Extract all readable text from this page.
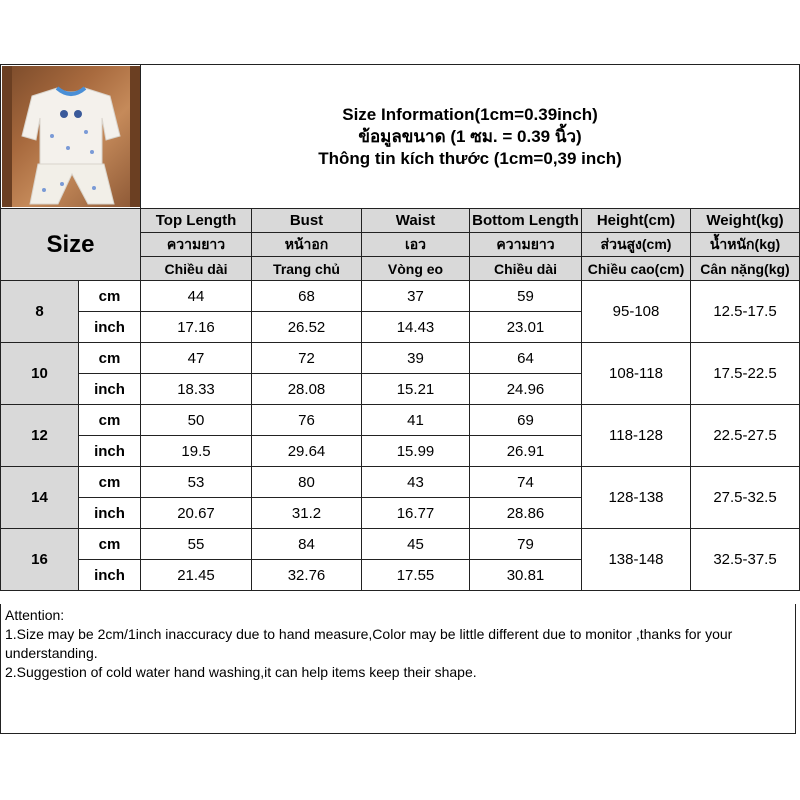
Size Information(1cm=0.39inch)
ข้อมูลขนาด (1 ซม. = 0.39 นิ้ว)
Thông tin kích thước (1cm=0,39 inch)					

Size		Top Length	Bust	Waist	Bottom Length	Height(cm)	Weight(kg)
		ความยาว	หน้าอก	เอว	ความยาว	ส่วนสูง(cm)	น้ำหนัก(kg)
		Chiều dài	Trang chủ	Vòng eo	Chiều dài	Chiều cao(cm)	Cân nặng(kg)
8	cm	44	68	37	59	95-108	12.5-17.5
	inch	17.16	26.52	14.43	23.01		
10	cm	47	72	39	64	108-118	17.5-22.5
	inch	18.33	28.08	15.21	24.96		
12	cm	50	76	41	69	118-128	22.5-27.5
	inch	19.5	29.64	15.99	26.91		
14	cm	53	80	43	74	128-138	27.5-32.5
	inch	20.67	31.2	16.77	28.86		
16	cm	55	84	45	79	138-148	32.5-37.5
	inch	21.45	32.76	17.55	30.81		

Attention:

1.Size may be 2cm/1inch inaccuracy due to hand measure,Color may be little different due to monitor ,thanks for your understanding.

2.Suggestion of cold water hand washing,it can help items keep their shape.
